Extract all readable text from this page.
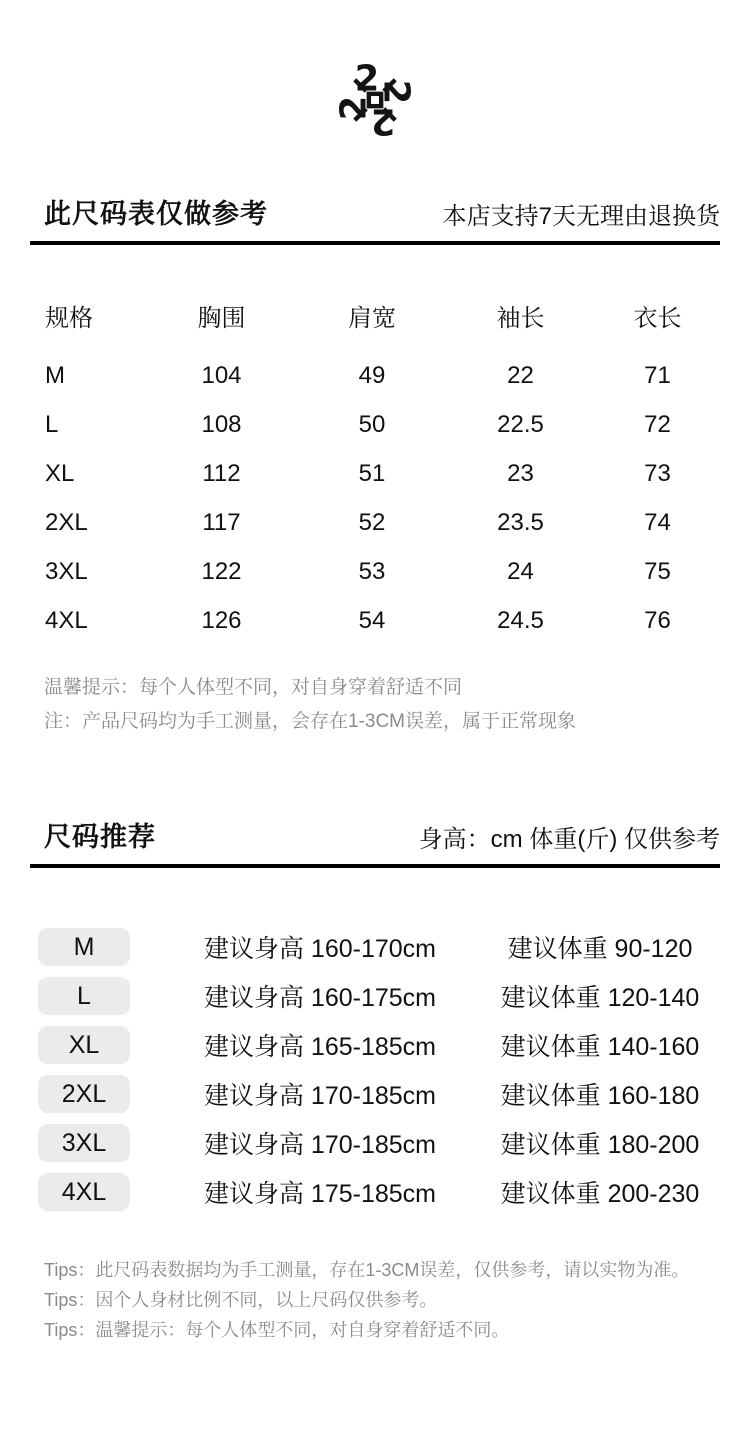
2
2
2
2
此尺码表仅做参考	本店支持7天无理由退换货
规格	胸围	肩宽	袖长	衣长
M	104	49	22	71
L	108	50	22.5	72
XL	112	51	23	73
2XL	117	52	23.5	74
3XL	122	53	24	75
4XL	126	54	24.5	76

温馨提示：每个人体型不同，对自身穿着舒适不同

注：产品尺码均为手工测量，会存在1-3CM误差，属于正常现象

尺码推荐	身高：cm 体重(斤) 仅供参考
M	建议身高 160-170cm	建议体重 90-120
L	建议身高 160-175cm	建议体重 120-140
XL	建议身高 165-185cm	建议体重 140-160
2XL	建议身高 170-185cm	建议体重 160-180
3XL	建议身高 170-185cm	建议体重 180-200
4XL	建议身高 175-185cm	建议体重 200-230

Tips：此尺码表数据均为手工测量，存在1-3CM误差，仅供参考，请以实物为准。

Tips：因个人身材比例不同，以上尺码仅供参考。

Tips：温馨提示：每个人体型不同，对自身穿着舒适不同。
